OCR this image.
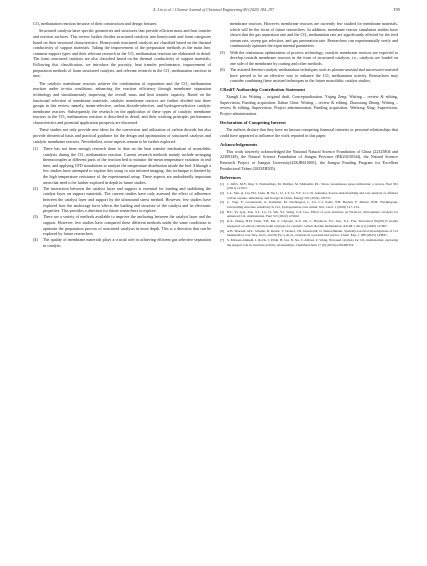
X. Liu et al. / Chinese Journal of Chemical Engineering 80 (2025) 184–197	195

CO₂ methanation reaction because of their construction and design features.

Structured catalysts have specific geometries and structures that provide efficient mass and heat transfer and reaction surfaces. This review further divides structured catalysts into honeycomb and foam categories based on their structural characteristics. Honeycomb structured catalysts are classified based on the thermal conductivity of support materials. Taking the improvement of the preparation methods as the main line, common support types and their relevant research in the CO₂ methanation reaction are elaborated in detail. The foam structured catalysts are also classified based on the thermal conductivity of support materials. Following this classification, we introduce the porosity, heat transfer performance, improvement of preparation methods of foam structured catalysts, and relevant research in the CO₂ methanation reaction in turn.

The catalytic membrane reactors achieve the combination of separation and the CO₂ methanation reaction under in-situ conditions, enhancing the reaction efficiency through membrane separation technology and simultaneously improving the overall mass and heat transfer capacity. Based on the functional selection of membrane materials, catalytic membrane reactors are further divided into three groups in this review, namely, steam-selective, carbon dioxide-selective, and hydrogen-selective catalytic membrane reactors. Subsequently, the research on the application of these types of catalytic membrane reactors in the CO₂ methanation reaction is described in detail, and their working principle, performance characteristics and potential application prospects are discussed.

These studies not only provide new ideas for the conversion and utilization of carbon dioxide but also provide theoretical basis and practical guidance for the design and optimization of structured catalysts and catalytic membrane reactors. Nevertheless, more aspects remain to be further explored:

(1) There has not been enough research done to date on the heat transfer mechanism of monolithic catalysts during the CO₂ methanation reaction. Current research methods mainly include arranging thermocouples at different parts of the reaction bed to monitor the mean temperature variation in real time, and applying CFD simulations to analyze the temperature distribution inside the bed. Although a few studies have attempted to explore this using in situ infrared imaging, this technique is limited by the high temperature resistance of the experimental setup. These aspects are undoubtedly important areas that need to be further explored in depth in future studies.
(2) The interaction between the catalyst layer and support is essential for loading and stabilizing the catalyst layer on support materials. The current studies have only assessed the effect of adherence between the catalyst layer and support by the ultrasound stress method. However, few studies have explored how the anchorage force affects the loading and structure of the catalyst and its electronic properties. This provides a direction for future researchers to explore.
(3) There are a variety of methods available to improve the anchoring between the catalyst layer and the support. However, few studies have compared these different methods under the same conditions to optimize the preparation process of structured catalysts in more depth. This is a direction that can be explored by future researchers.
(4) The quality of membrane materials plays a crucial role in achieving efficient gas selective separation in catalytic
membrane reactors. However, membrane reactors are currently few studied for membrane materials, which will be the focus of future researchers. In addition, membrane reactor simulation studies have shown that the gas separation rate and the CO₂ methanation rate are significantly affected by the feed stream rate, sweep gas selection, and gas permeation rate. Researchers can experimentally verify and continuously optimize the experimental parameters.
(5) With the continuous optimization of process technology, catalytic membrane reactors are expected to develop towards membrane reactors in the form of structured catalysts, i.e., catalysts are loaded on one side of the membrane by coating and other methods.
(6) The assisted thermo-catalytic methanation techniques such as plasma-assisted and microwave-assisted have proved to be an effective way to enhance the CO₂ methanation activity. Researchers may consider combining these assisted techniques in the future monolithic catalyst studies.
CRediT Authorship Contribution Statement

Xiangli Liu: Writing – original draft, Conceptualization. Yiqing Zeng: Writing – review & editing, Supervision, Funding acquisition. Jiahao Chen: Writing – review & editing. Zhaoxiang Zhong: Writing – review & editing, Supervision, Project administration, Funding acquisition. Weihong Xing: Supervision, Project administration.

Declaration of Competing Interest

The authors declare that they have no known competing financial interests or personal relationships that could have appeared to influence the work reported in this paper.

Acknowledgements

This work sincerely acknowledged the National Natural Science Foundation of China (22325804 and 22308148), the Natural Science Foundation of Jiangsu Province (BK20230344), the Natural Science Research Project of Jiangsu University(23KJB610001), the Jiangsu Funding Program for Excellent Postdoctoral Talent (2023ZB505).

References
[1] J. Jeffry, M.Y. Ong, S. Nomanbhay, M. Mofijur, M. Mubashir, P.L. Show, Greenhouse gases utilization: a review, Fuel 301 (2021) 121017.
[2] L.L. Sun, Q. Liu, H.J. Chen, H. Yu, L. Li, L.T. Li, Y.Z. Li, C.D. Adenutsi, Source-sink matching and cost analysis of offshore carbon capture, utilization, and storage in China, Energy 291 (2024) 130137.
[3] C. Vogt, E. Groeneveld, G. Kamsma, M. Nachtegaal, L. Lu, C.J. Kiely, P.H. Berben, F. Meirer, B.M. Weckhuysen, Unravelling structure sensitivity in CO₂ hydrogenation over nickel, Nat. Catal. 1 (2018) 127–134.
[4] H.L. Yi, Q.Q. Xue, S.L. Lu, J.J. Wu, Y.J. Wang, G.S. Luo, Effect of pore structure on Ni/Al₂O₃ microsphere catalysts for enhanced CO₂ methanation, Fuel 315 (2022) 123262.
[5] K.X. Zhang, H.H. Chen, Y.B. Ma, S. Chaouai, X.X. Ou, C. Hardacre, Y.L. Jiao, X.L. Fan, Structured Ni@Ni₃N zeolite supported on silicon carbide foam catalysts for catalytic carbon dioxide methanation, AIChE J. 66 (11) (2020) e17007.
[6] A.B. Sharaeh, M.L. Schulte, R. Kreitz, T. Stroher, J.D. Grunwaldt, O. Deutschmann, Spatially-resolved investigations of CO methanation over Ni/γ-Al₂O₃ and Ni₃Fe₁/γ-Al₂O₃ catalysts in a packed-bed reactor, Chem. Eng. J. 489 (2023) 143847.
[7] S. Mirzaei-Ahmedi, J. Rovis, I. Ullah, H. Liu, N. Xu, Z. Abbasi, Z. Wang, Ni-based catalysts for CO₂ methanation: exploring the support role in structure-activity relationships, ChemSusChem 17 (9) (2024) e202400319.
